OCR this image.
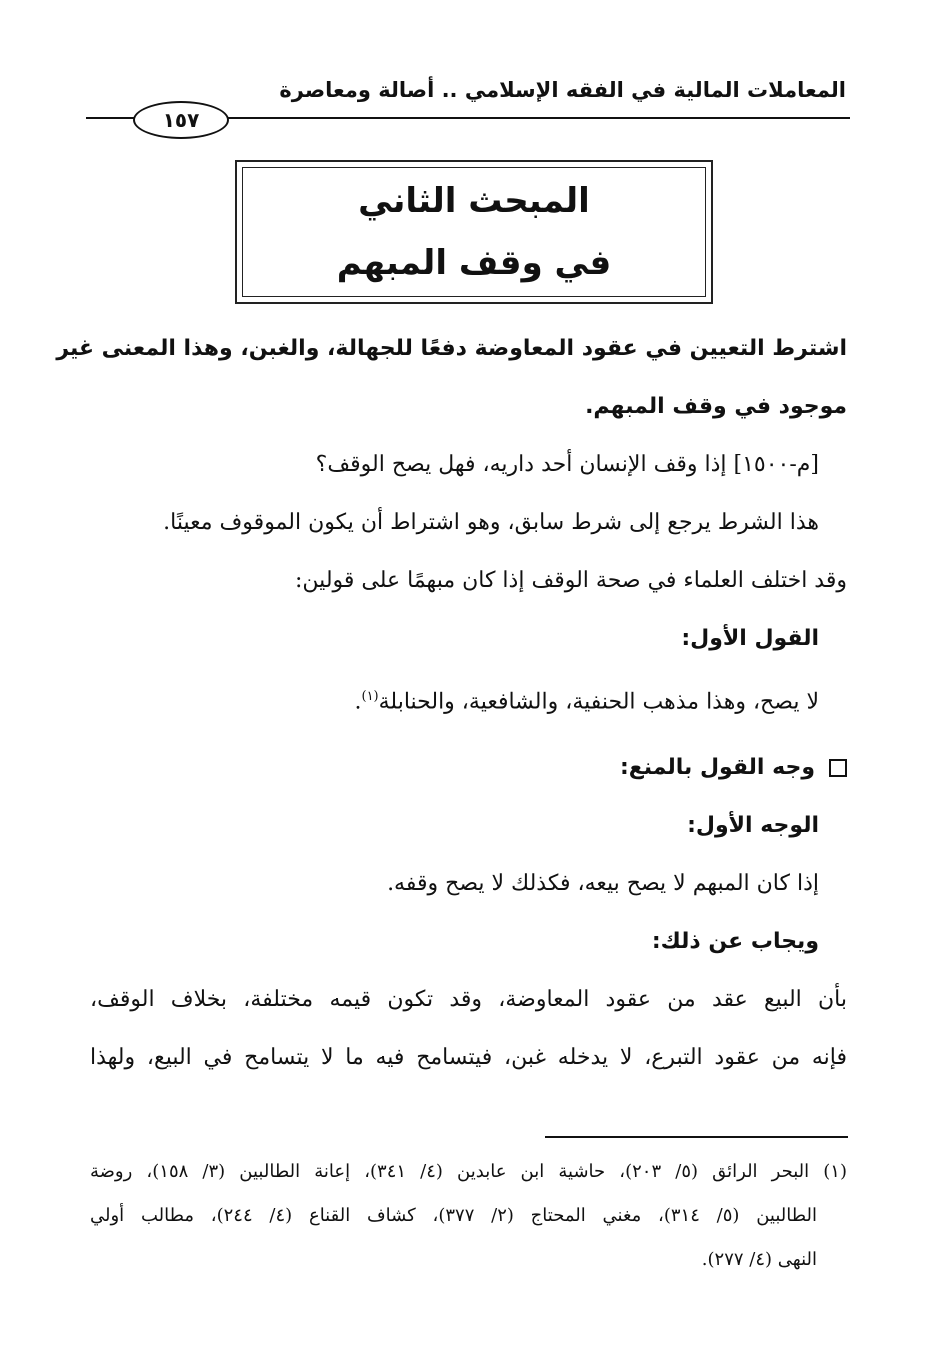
المعاملات المالية في الفقه الإسلامي .. أصالة ومعاصرة
١٥٧
المبحث الثاني
في وقف المبهم
اشترط التعيين في عقود المعاوضة دفعًا للجهالة، والغبن، وهذا المعنى غير
موجود في وقف المبهم.
[م-١٥٠٠] إذا وقف الإنسان أحد داريه، فهل يصح الوقف؟
هذا الشرط يرجع إلى شرط سابق، وهو اشتراط أن يكون الموقوف معينًا.
وقد اختلف العلماء في صحة الوقف إذا كان مبهمًا على قولين:
القول الأول:
لا يصح، وهذا مذهب الحنفية، والشافعية، والحنابلة$^{(١)}$.
وجه القول بالمنع:
الوجه الأول:
إذا كان المبهم لا يصح بيعه، فكذلك لا يصح وقفه.
ويجاب عن ذلك:
بأن البيع عقد من عقود المعاوضة، وقد تكون قيمه مختلفة، بخلاف الوقف،
فإنه من عقود التبرع، لا يدخله غبن، فيتسامح فيه ما لا يتسامح في البيع، ولهذا
(١) البحر الرائق (٥/ ٢٠٣)، حاشية ابن عابدين (٤/ ٣٤١)، إعانة الطالبين (٣/ ١٥٨)، روضة
الطالبين (٥/ ٣١٤)، مغني المحتاج (٢/ ٣٧٧)، كشاف القناع (٤/ ٢٤٤)، مطالب أولي
النهى (٤/ ٢٧٧).
